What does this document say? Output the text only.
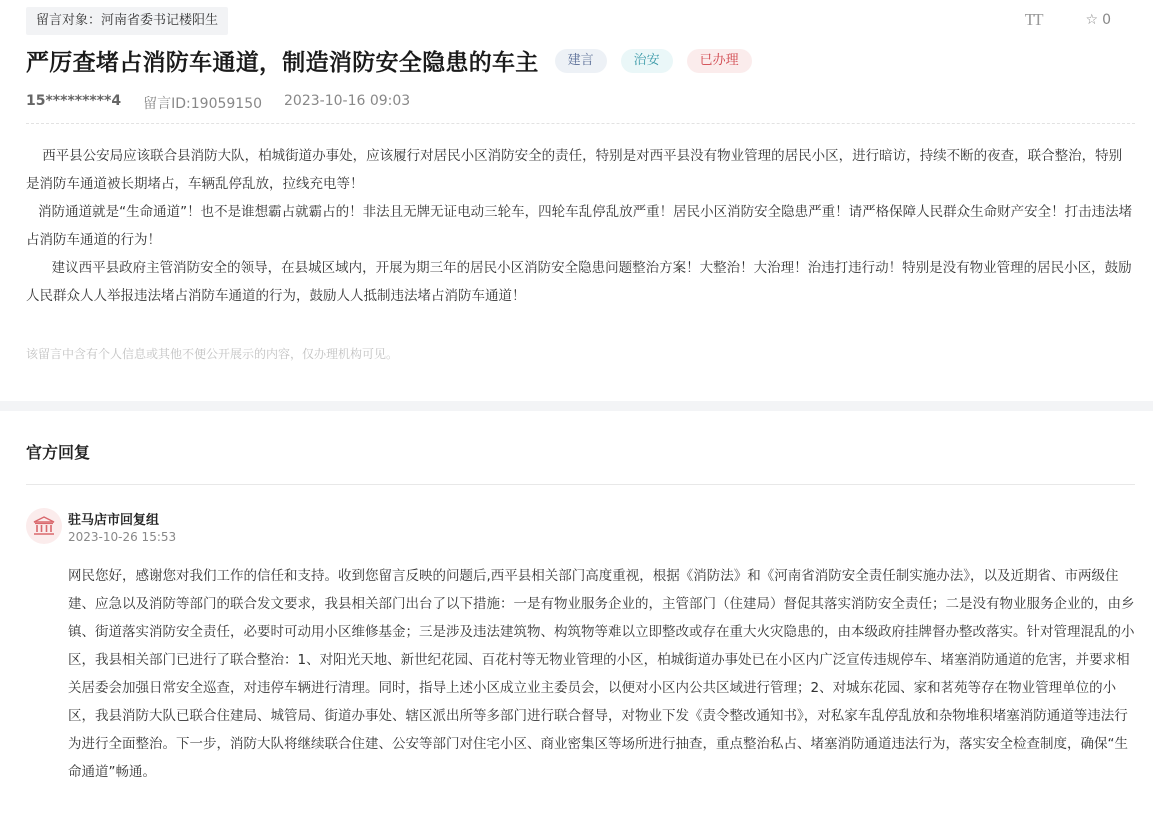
留言对象：河南省委书记楼阳生	TT	☆ 0
严厉查堵占消防车通道，制造消防安全隐患的车主	建言	治安	已办理
15*********4 留言ID:19059150 2023-10-16 09:03

西平县公安局应该联合县消防大队，柏城街道办事处，应该履行对居民小区消防安全的责任，特别是对西平县没有物业管理的居民小区，进行暗访，持续不断的夜查，联合整治，特别是消防车通道被长期堵占，车辆乱停乱放，拉线充电等！

消防通道就是“生命通道”！也不是谁想霸占就霸占的！非法且无牌无证电动三轮车，四轮车乱停乱放严重！居民小区消防安全隐患严重！请严格保障人民群众生命财产安全！打击违法堵占消防车通道的行为！

建议西平县政府主管消防安全的领导，在县城区域内，开展为期三年的居民小区消防安全隐患问题整治方案！大整治！大治理！治违打违行动！特别是没有物业管理的居民小区，鼓励人民群众人人举报违法堵占消防车通道的行为，鼓励人人抵制违法堵占消防车通道！

该留言中含有个人信息或其他不便公开展示的内容，仅办理机构可见。
官方回复
驻马店市回复组
2023-10-26 15:53

网民您好，感谢您对我们工作的信任和支持。收到您留言反映的问题后,西平县相关部门高度重视，根据《消防法》和《河南省消防安全责任制实施办法》，以及近期省、市两级住建、应急以及消防等部门的联合发文要求，我县相关部门出台了以下措施：一是有物业服务企业的，主管部门（住建局）督促其落实消防安全责任；二是没有物业服务企业的，由乡镇、街道落实消防安全责任，必要时可动用小区维修基金；三是涉及违法建筑物、构筑物等难以立即整改或存在重大火灾隐患的，由本级政府挂牌督办整改落实。针对管理混乱的小区，我县相关部门已进行了联合整治：1、对阳光天地、新世纪花园、百花村等无物业管理的小区，柏城街道办事处已在小区内广泛宣传违规停车、堵塞消防通道的危害，并要求相关居委会加强日常安全巡查，对违停车辆进行清理。同时，指导上述小区成立业主委员会，以便对小区内公共区域进行管理；2、对城东花园、家和茗苑等存在物业管理单位的小区，我县消防大队已联合住建局、城管局、街道办事处、辖区派出所等多部门进行联合督导，对物业下发《责令整改通知书》，对私家车乱停乱放和杂物堆积堵塞消防通道等违法行为进行全面整治。下一步，消防大队将继续联合住建、公安等部门对住宅小区、商业密集区等场所进行抽查，重点整治私占、堵塞消防通道违法行为，落实安全检查制度，确保“生命通道”畅通。
